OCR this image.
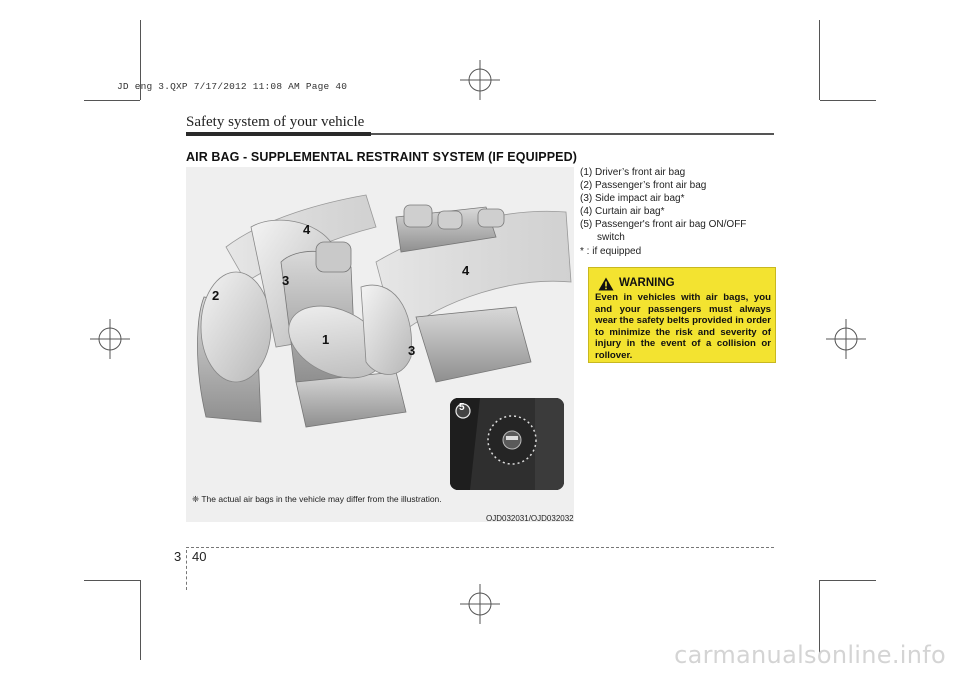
JD eng 3.QXP 7/17/2012 11:08 AM Page 40
Safety system of your vehicle
AIR BAG - SUPPLEMENTAL RESTRAINT SYSTEM (IF EQUIPPED)
1
2
3
3
4
4
❈ The actual air bags in the vehicle may differ from the illustration.
OJD032031/OJD032032
5
(1) Driver’s front air bag
(2) Passenger’s front air bag
(3) Side impact air bag*
(4) Curtain air bag*
(5) Passenger's front air bag ON/OFF
switch
* : if equipped
WARNING
Even in vehicles with air bags, you and your passengers must always wear the safety belts provided in order to minimize the risk and severity of injury in the event of a collision or rollover.
3 40
carmanualsonline.info
